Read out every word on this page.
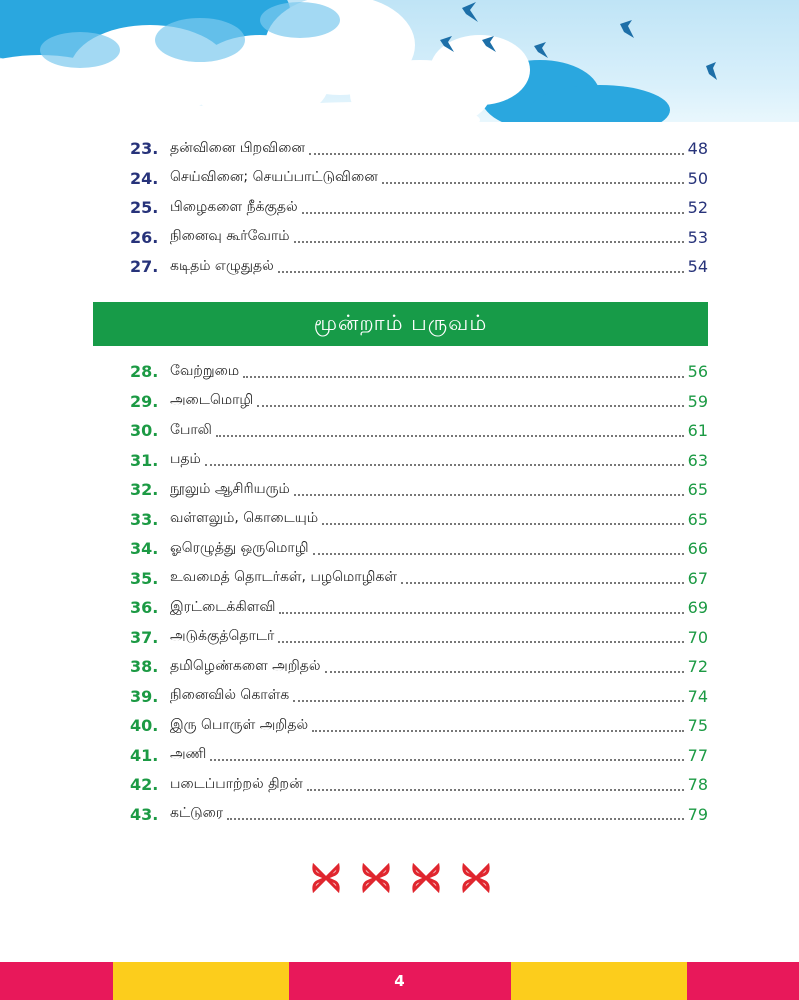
23. தன்வினை பிறவினை	48
24. செய்வினை; செயப்பாட்டுவினை	50
25. பிழைகளை நீக்குதல்	52
26. நினைவு கூர்வோம்	53
27. கடிதம் எழுதுதல்	54
மூன்றாம் பருவம்
28. வேற்றுமை	56
29. அடைமொழி	59
30. போலி	61
31. பதம்	63
32. நூலும் ஆசிரியரும்	65
33. வள்ளலும், கொடையும்	65
34. ஓரெழுத்து ஒருமொழி	66
35. உவமைத் தொடர்கள், பழமொழிகள்	67
36. இரட்டைக்கிளவி	69
37. அடுக்குத்தொடர்	70
38. தமிழெண்களை அறிதல்	72
39. நினைவில் கொள்க	74
40. இரு பொருள் அறிதல்	75
41. அணி	77
42. படைப்பாற்றல் திறன்	78
43. கட்டுரை	79
4
